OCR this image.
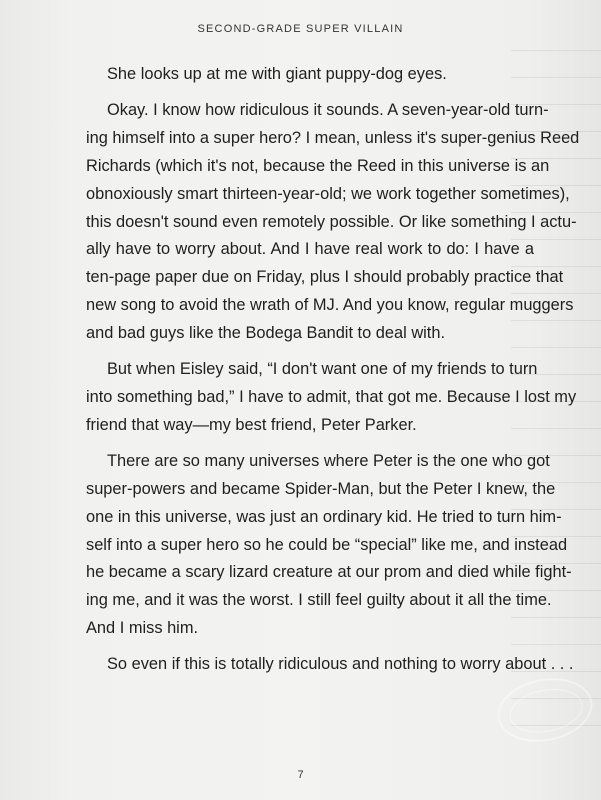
SECOND-GRADE SUPER VILLAIN
She looks up at me with giant puppy-dog eyes.
Okay. I know how ridiculous it sounds. A seven-year-old turn-
ing himself into a super hero? I mean, unless it's super-genius Reed
Richards (which it's not, because the Reed in this universe is an
obnoxiously smart thirteen-year-old; we work together sometimes),
this doesn't sound even remotely possible. Or like something I actu-
ally have to worry about. And I have real work to do: I have a
ten-page paper due on Friday, plus I should probably practice that
new song to avoid the wrath of MJ. And you know, regular muggers
and bad guys like the Bodega Bandit to deal with.
But when Eisley said, “I don't want one of my friends to turn
into something bad,” I have to admit, that got me. Because I lost my
friend that way—my best friend, Peter Parker.
There are so many universes where Peter is the one who got
super-powers and became Spider-Man, but the Peter I knew, the
one in this universe, was just an ordinary kid. He tried to turn him-
self into a super hero so he could be “special” like me, and instead
he became a scary lizard creature at our prom and died while fight-
ing me, and it was the worst. I still feel guilty about it all the time.
And I miss him.
So even if this is totally ridiculous and nothing to worry about . . .
7
